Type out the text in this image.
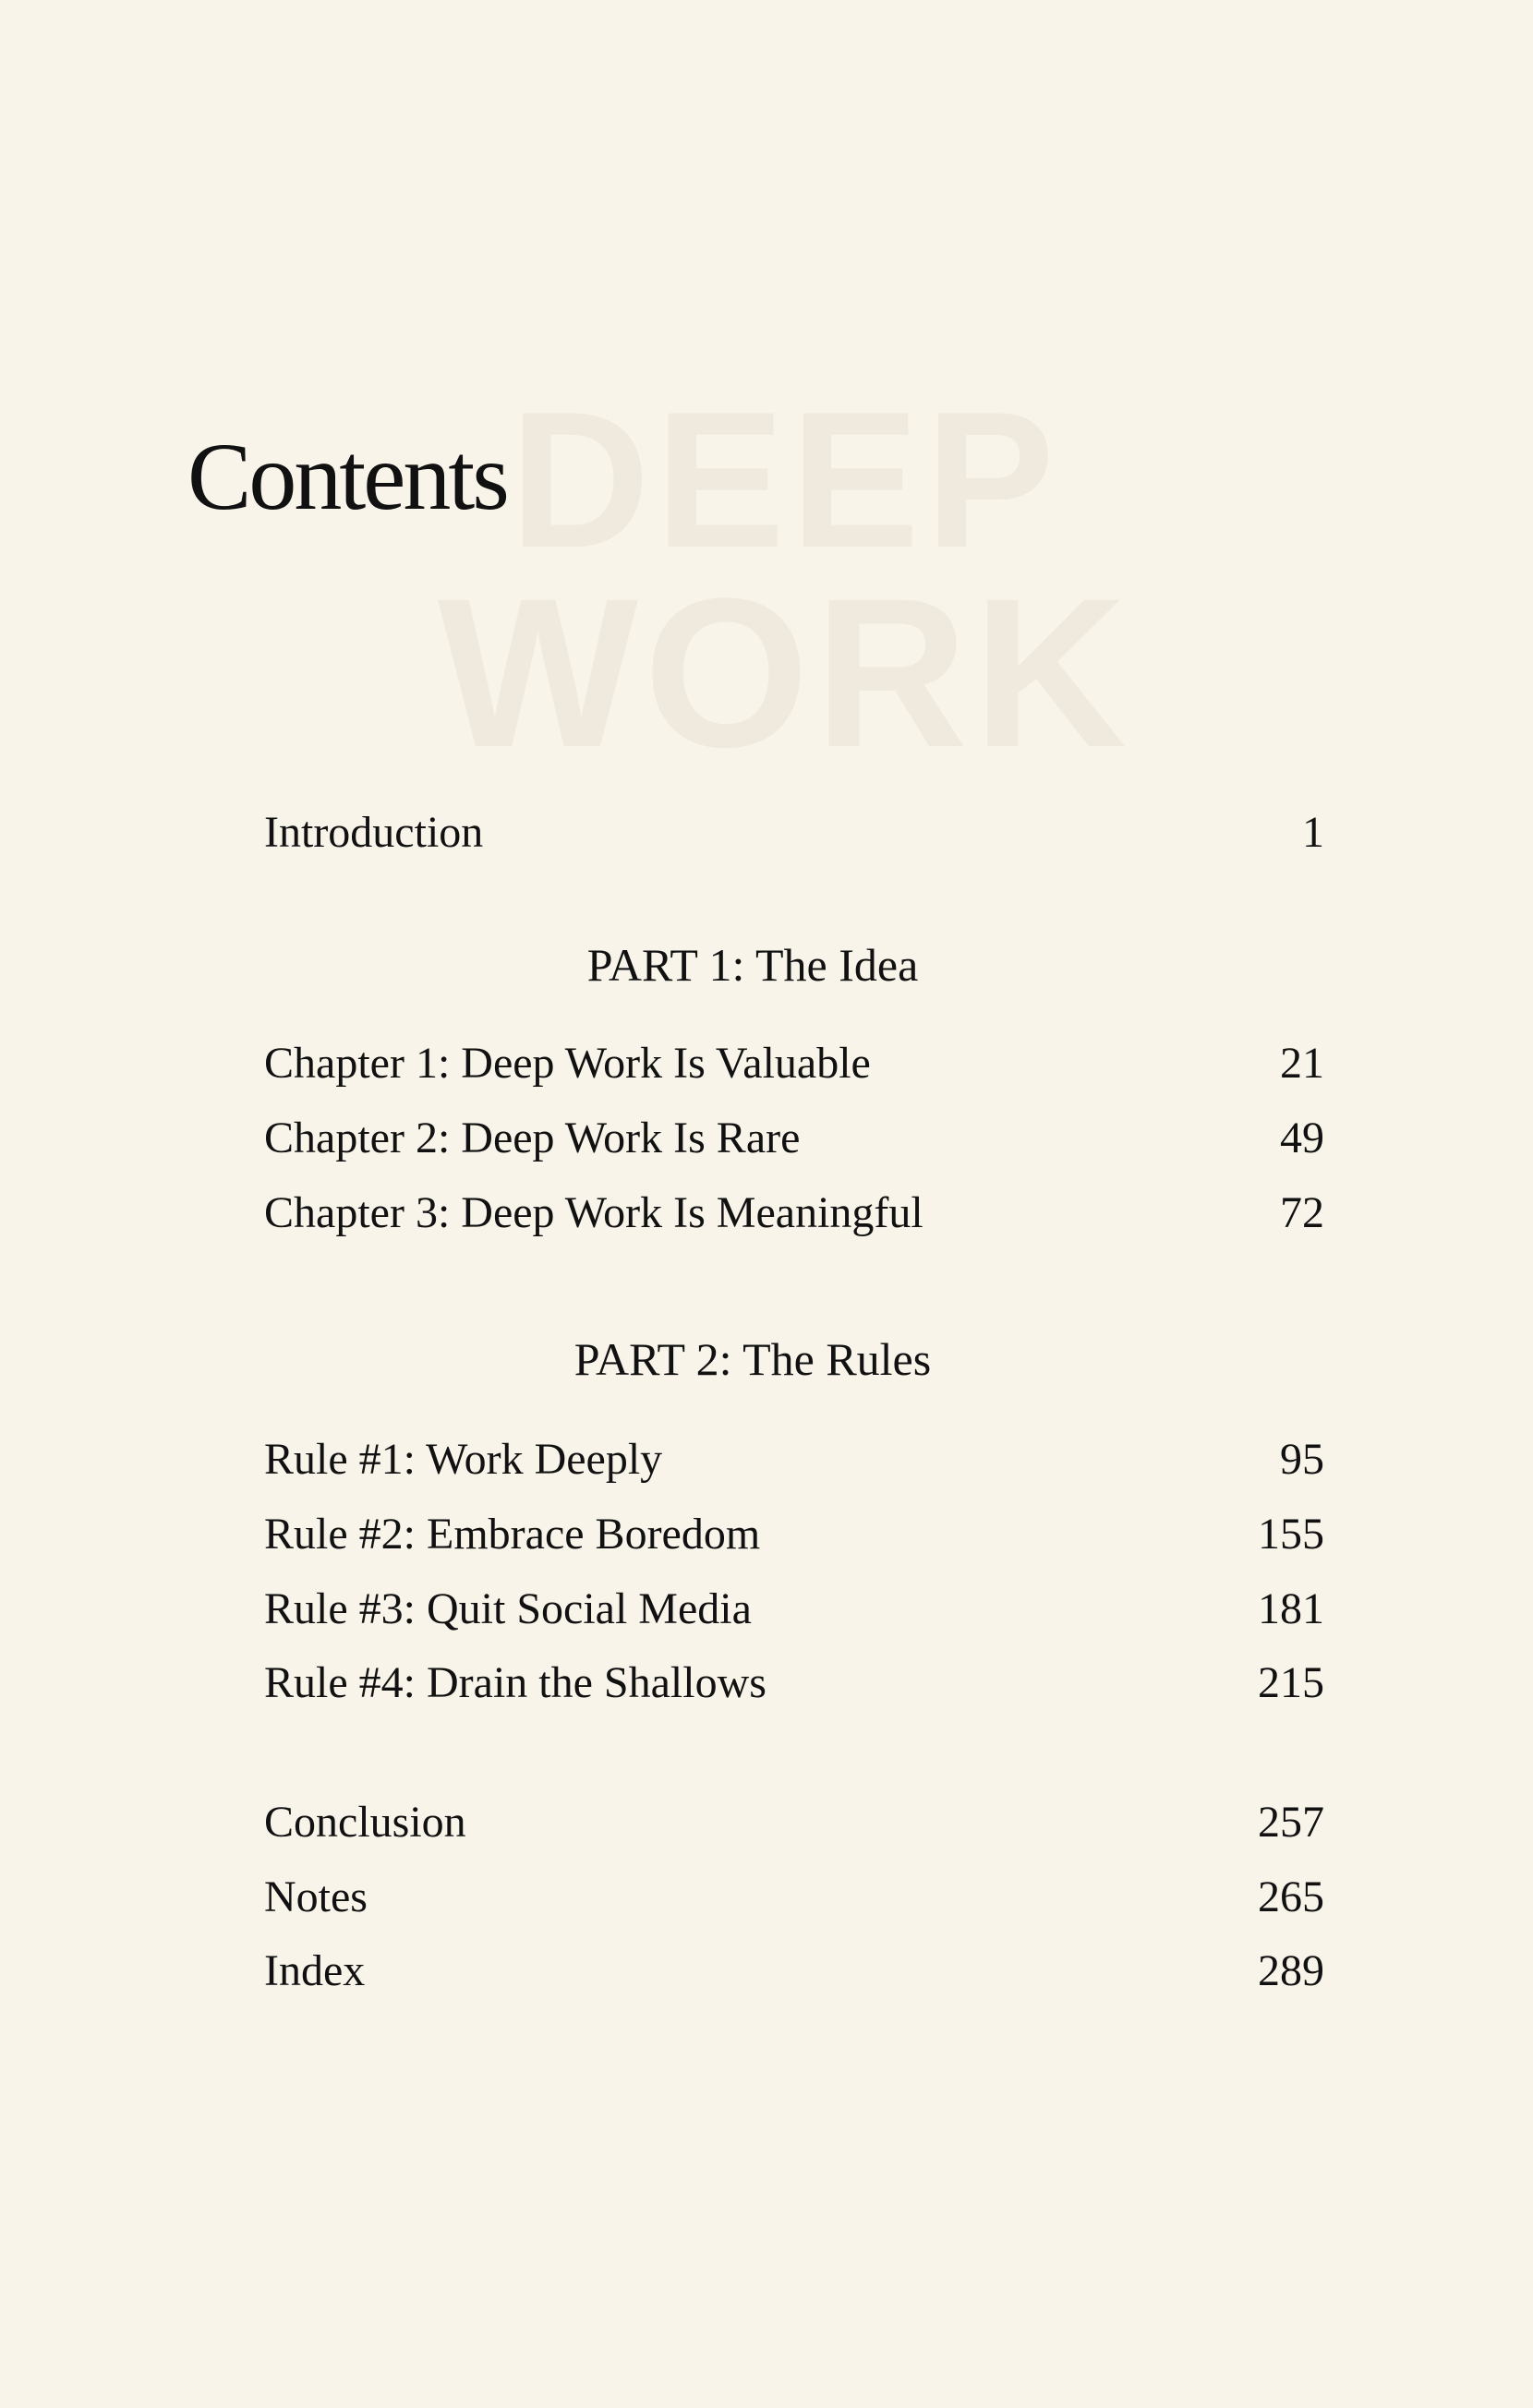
DEEP
WORK
Contents
Introduction	1
PART 1: The Idea
Chapter 1: Deep Work Is Valuable	21
Chapter 2: Deep Work Is Rare	49
Chapter 3: Deep Work Is Meaningful	72
PART 2: The Rules
Rule #1: Work Deeply	95
Rule #2: Embrace Boredom	155
Rule #3: Quit Social Media	181
Rule #4: Drain the Shallows	215
Conclusion	257
Notes	265
Index	289
